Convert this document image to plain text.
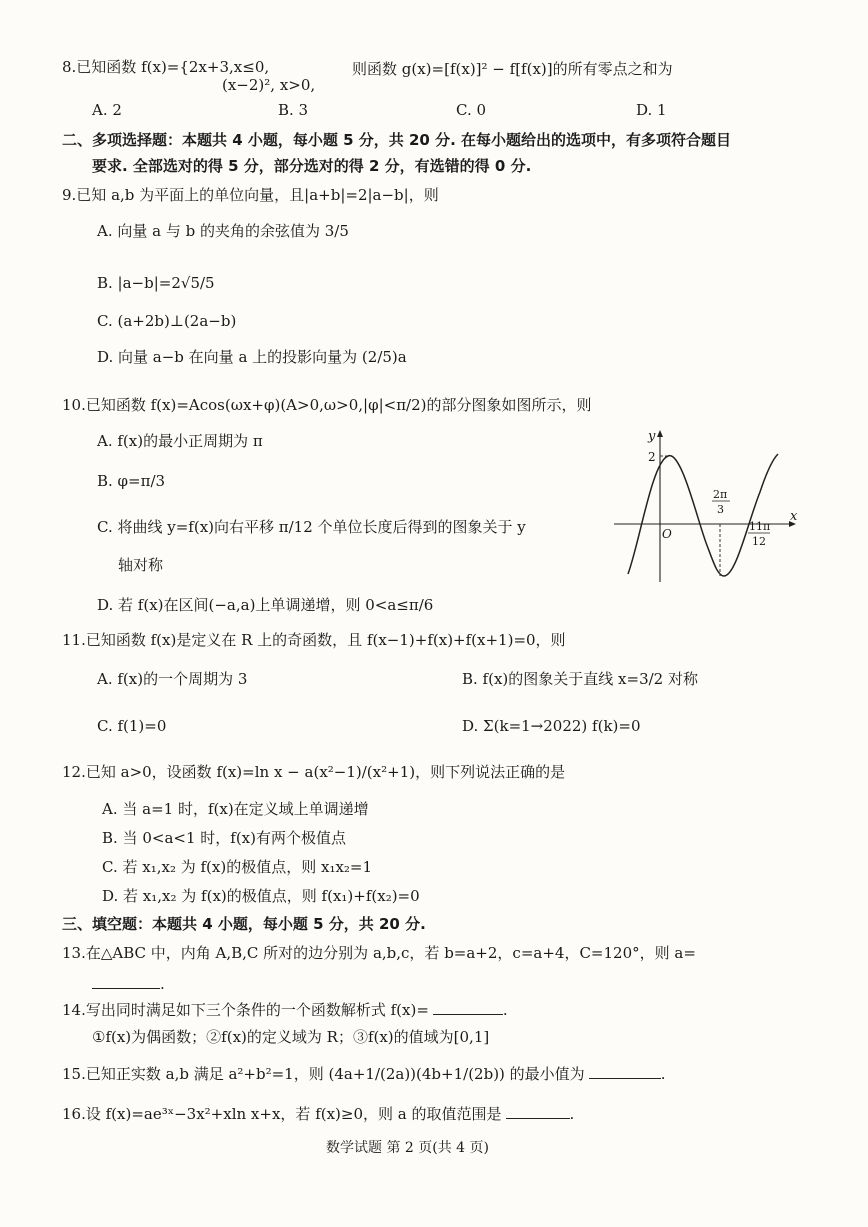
8.已知函数 f(x)={2x+3,x≤0,
(x−2)², x>0,
则函数 g(x)=[f(x)]² − f[f(x)]的所有零点之和为
A. 2	B. 3	C. 0	D. 1
二、多项选择题：本题共 4 小题，每小题 5 分，共 20 分. 在每小题给出的选项中，有多项符合题目
要求. 全部选对的得 5 分，部分选对的得 2 分，有选错的得 0 分.
9.已知 a,b 为平面上的单位向量，且|a+b|=2|a−b|，则
A. 向量 a 与 b 的夹角的余弦值为 3/5
B. |a−b|=2√5/5
C. (a+2b)⊥(2a−b)
D. 向量 a−b 在向量 a 上的投影向量为 (2/5)a
10.已知函数 f(x)=Acos(ωx+φ)(A>0,ω>0,|φ|<π/2)的部分图象如图所示，则
A. f(x)的最小正周期为 π
B. φ=π/3
C. 将曲线 y=f(x)向右平移 π/12 个单位长度后得到的图象关于 y
轴对称
D. 若 f(x)在区间(−a,a)上单调递增，则 0<a≤π/6
y
x
2
O
2π
3
11π
12
11.已知函数 f(x)是定义在 R 上的奇函数，且 f(x−1)+f(x)+f(x+1)=0，则
A. f(x)的一个周期为 3	B. f(x)的图象关于直线 x=3/2 对称
C. f(1)=0	D. Σ(k=1→2022) f(k)=0
12.已知 a>0，设函数 f(x)=ln x − a(x²−1)/(x²+1)，则下列说法正确的是
A. 当 a=1 时，f(x)在定义域上单调递增
B. 当 0<a<1 时，f(x)有两个极值点
C. 若 x₁,x₂ 为 f(x)的极值点，则 x₁x₂=1
D. 若 x₁,x₂ 为 f(x)的极值点，则 f(x₁)+f(x₂)=0
三、填空题：本题共 4 小题，每小题 5 分，共 20 分.
13.在△ABC 中，内角 A,B,C 所对的边分别为 a,b,c，若 b=a+2，c=a+4，C=120°，则 a=
.
14.写出同时满足如下三个条件的一个函数解析式 f(x)=	.
①f(x)为偶函数；②f(x)的定义域为 R；③f(x)的值域为[0,1]
15.已知正实数 a,b 满足 a²+b²=1，则 (4a+1/(2a))(4b+1/(2b)) 的最小值为	.
16.设 f(x)=ae³ˣ−3x²+xln x+x，若 f(x)≥0，则 a 的取值范围是	.
数学试题 第 2 页(共 4 页)
